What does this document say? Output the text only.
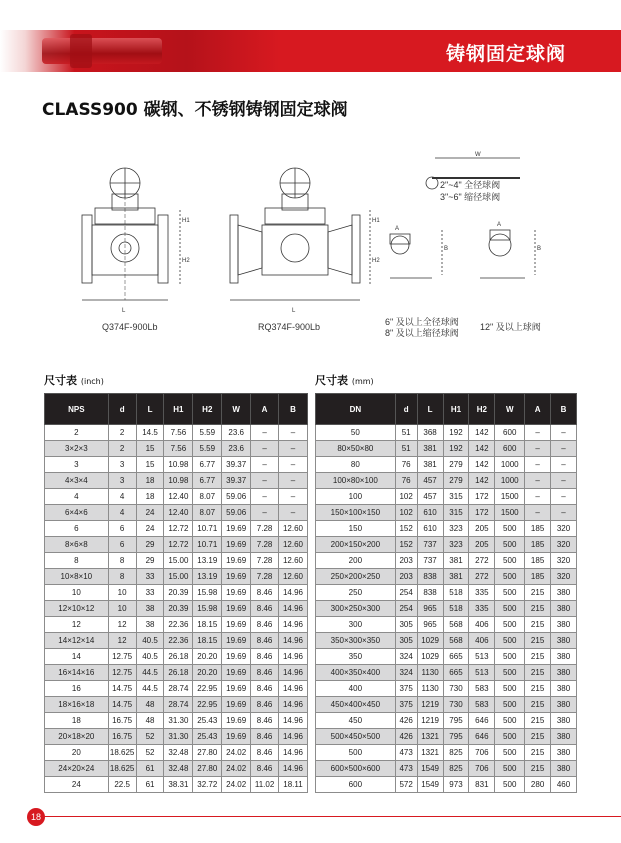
铸钢固定球阀
CLASS900 碳钢、不锈钢铸钢固定球阀
L	L
H1
H2
H1
H2
W
B	B
A
A
Q374F-900Lb	RQ374F-900Lb
2"~4" 全径球阀
3"~6" 缩径球阀
6" 及以上全径球阀
8" 及以上缩径球阀
12" 及以上球阀
尺寸表 (inch)	尺寸表 (mm)
NPS	d	L	H1	H2	W	A	B
2	2	14.5	7.56	5.59	23.6	–	–
3×2×3	2	15	7.56	5.59	23.6	–	–
3	3	15	10.98	6.77	39.37	–	–
4×3×4	3	18	10.98	6.77	39.37	–	–
4	4	18	12.40	8.07	59.06	–	–
6×4×6	4	24	12.40	8.07	59.06	–	–
6	6	24	12.72	10.71	19.69	7.28	12.60
8×6×8	6	29	12.72	10.71	19.69	7.28	12.60
8	8	29	15.00	13.19	19.69	7.28	12.60
10×8×10	8	33	15.00	13.19	19.69	7.28	12.60
10	10	33	20.39	15.98	19.69	8.46	14.96
12×10×12	10	38	20.39	15.98	19.69	8.46	14.96
12	12	38	22.36	18.15	19.69	8.46	14.96
14×12×14	12	40.5	22.36	18.15	19.69	8.46	14.96
14	12.75	40.5	26.18	20.20	19.69	8.46	14.96
16×14×16	12.75	44.5	26.18	20.20	19.69	8.46	14.96
16	14.75	44.5	28.74	22.95	19.69	8.46	14.96
18×16×18	14.75	48	28.74	22.95	19.69	8.46	14.96
18	16.75	48	31.30	25.43	19.69	8.46	14.96
20×18×20	16.75	52	31.30	25.43	19.69	8.46	14.96
20	18.625	52	32.48	27.80	24.02	8.46	14.96
24×20×24	18.625	61	32.48	27.80	24.02	8.46	14.96
24	22.5	61	38.31	32.72	24.02	11.02	18.11
DN	d	L	H1	H2	W	A	B
50	51	368	192	142	600	–	–
80×50×80	51	381	192	142	600	–	–
80	76	381	279	142	1000	–	–
100×80×100	76	457	279	142	1000	–	–
100	102	457	315	172	1500	–	–
150×100×150	102	610	315	172	1500	–	–
150	152	610	323	205	500	185	320
200×150×200	152	737	323	205	500	185	320
200	203	737	381	272	500	185	320
250×200×250	203	838	381	272	500	185	320
250	254	838	518	335	500	215	380
300×250×300	254	965	518	335	500	215	380
300	305	965	568	406	500	215	380
350×300×350	305	1029	568	406	500	215	380
350	324	1029	665	513	500	215	380
400×350×400	324	1130	665	513	500	215	380
400	375	1130	730	583	500	215	380
450×400×450	375	1219	730	583	500	215	380
450	426	1219	795	646	500	215	380
500×450×500	426	1321	795	646	500	215	380
500	473	1321	825	706	500	215	380
600×500×600	473	1549	825	706	500	215	380
600	572	1549	973	831	500	280	460
18
